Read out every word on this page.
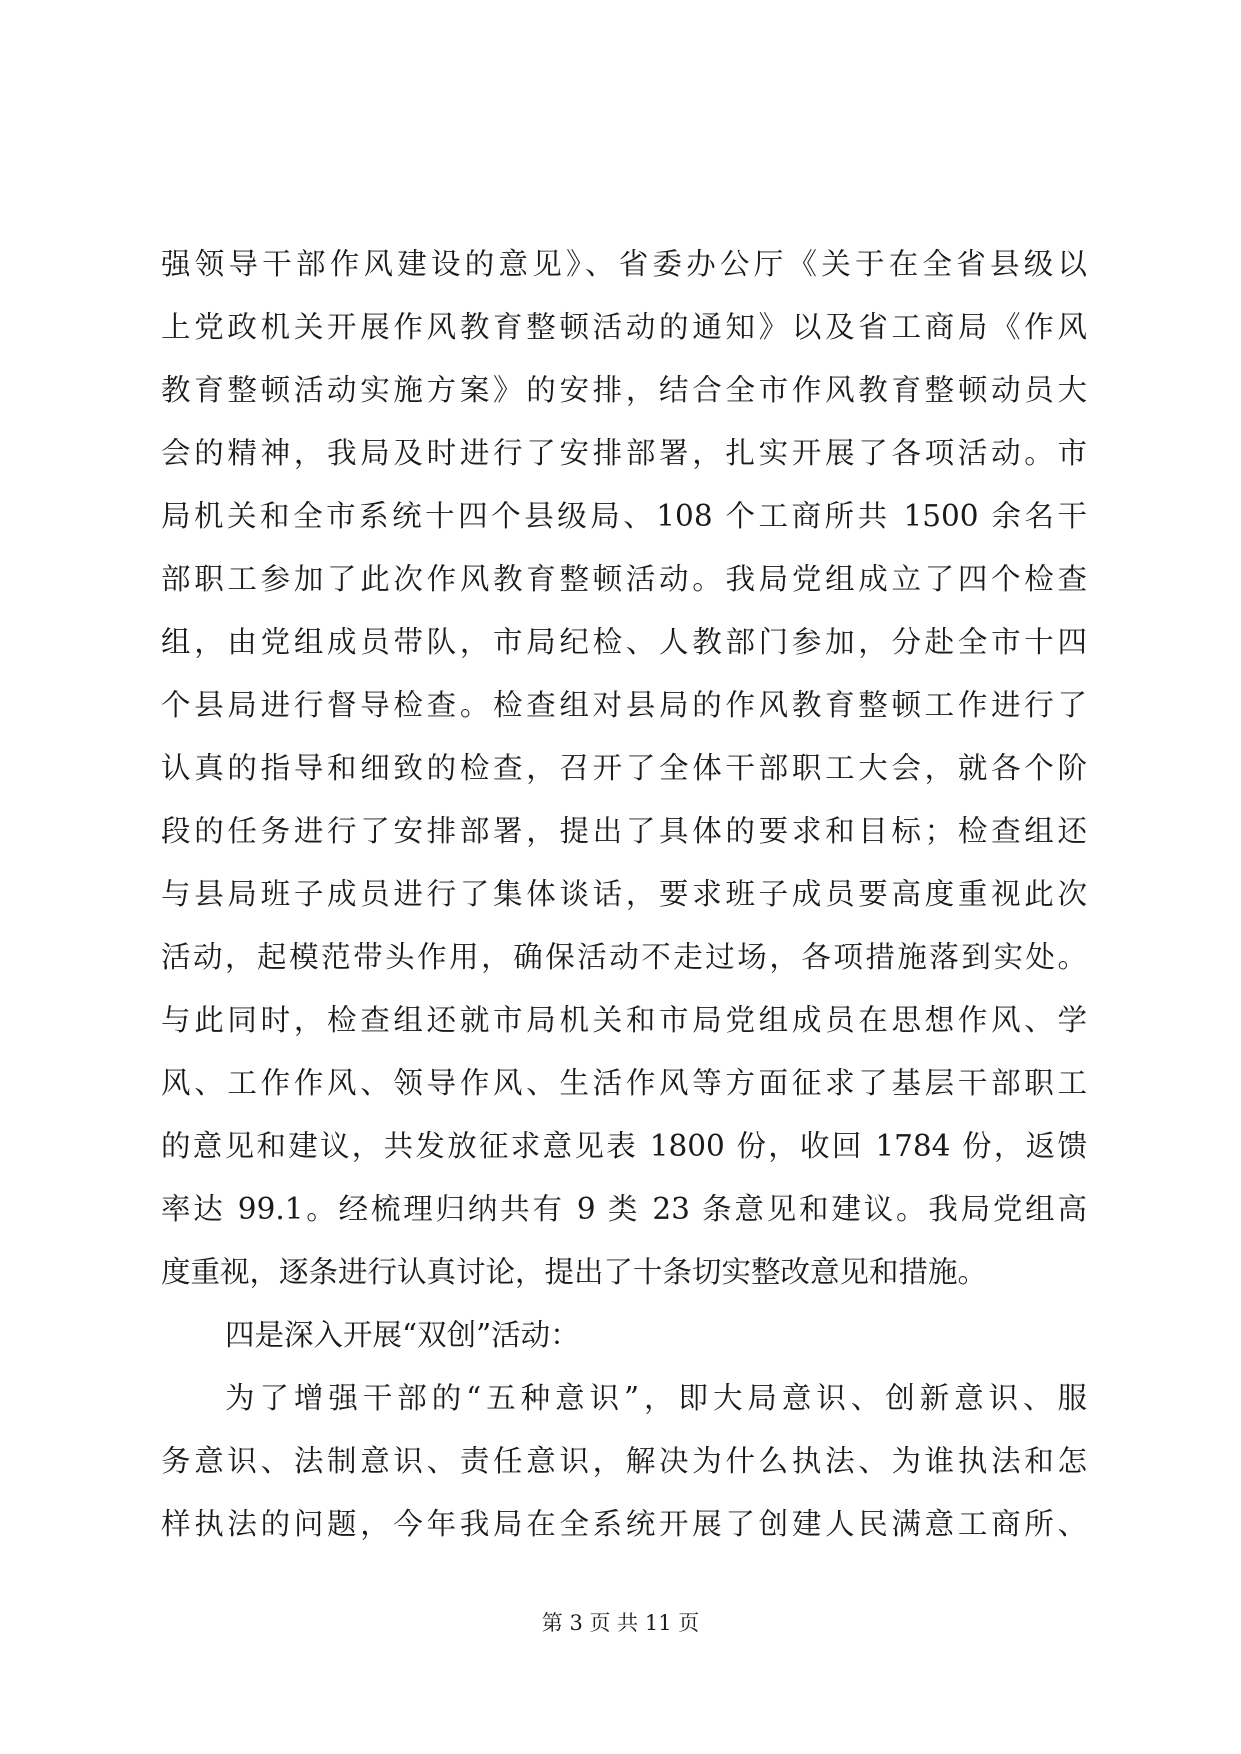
强领导干部作风建设的意见》、省委办公厅《关于在全省县级以
上党政机关开展作风教育整顿活动的通知》以及省工商局《作风
教育整顿活动实施方案》的安排，结合全市作风教育整顿动员大
会的精神，我局及时进行了安排部署，扎实开展了各项活动。市
局机关和全市系统十四个县级局、108 个工商所共 1500 余名干
部职工参加了此次作风教育整顿活动。我局党组成立了四个检查
组，由党组成员带队，市局纪检、人教部门参加，分赴全市十四
个县局进行督导检查。检查组对县局的作风教育整顿工作进行了
认真的指导和细致的检查，召开了全体干部职工大会，就各个阶
段的任务进行了安排部署，提出了具体的要求和目标；检查组还
与县局班子成员进行了集体谈话，要求班子成员要高度重视此次
活动，起模范带头作用，确保活动不走过场，各项措施落到实处。
与此同时，检查组还就市局机关和市局党组成员在思想作风、学
风、工作作风、领导作风、生活作风等方面征求了基层干部职工
的意见和建议，共发放征求意见表 1800 份，收回 1784 份，返馈
率达 99.1。经梳理归纳共有 9 类 23 条意见和建议。我局党组高
度重视，逐条进行认真讨论，提出了十条切实整改意见和措施。
四是深入开展“双创”活动：
为了增强干部的“五种意识”，即大局意识、创新意识、服
务意识、法制意识、责任意识，解决为什么执法、为谁执法和怎
样执法的问题，今年我局在全系统开展了创建人民满意工商所、
第 3 页 共 11 页
